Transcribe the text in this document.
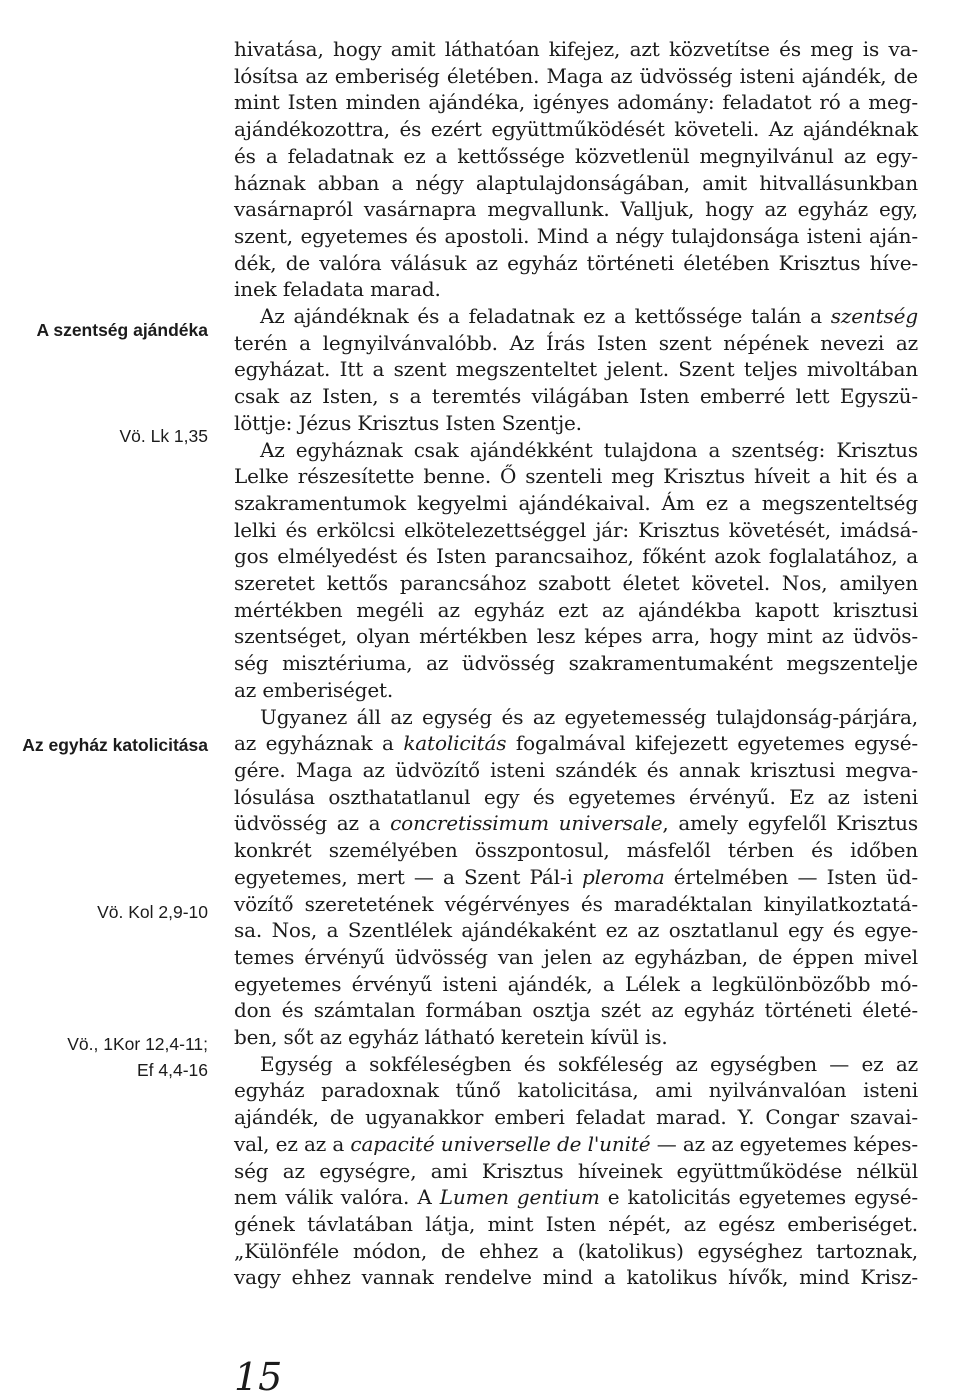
A szentség ajándéka
Vö. Lk 1,35
Az egyház katolicitása
Vö. Kol 2,9-10
Vö., 1Kor 12,4-11;
Ef 4,4-16
hivatása, hogy amit láthatóan kifejez, azt közvetítse és meg is va-
lósítsa az emberiség életében. Maga az üdvösség isteni ajándék, de
mint Isten minden ajándéka, igényes adomány: feladatot ró a meg-
ajándékozottra, és ezért együttműködését követeli. Az ajándéknak
és a feladatnak ez a kettőssége közvetlenül megnyilvánul az egy-
háznak abban a négy alaptulajdonságában, amit hitvallásunkban
vasárnapról vasárnapra megvallunk. Valljuk, hogy az egyház egy,
szent, egyetemes és apostoli. Mind a négy tulajdonsága isteni aján-
dék, de valóra válásuk az egyház történeti életében Krisztus híve-
inek feladata marad.
Az ajándéknak és a feladatnak ez a kettőssége talán a szentség
terén a legnyilvánvalóbb. Az Írás Isten szent népének nevezi az
egyházat. Itt a szent megszenteltet jelent. Szent teljes mivoltában
csak az Isten, s a teremtés világában Isten emberré lett Egyszü-
löttje: Jézus Krisztus Isten Szentje.
Az egyháznak csak ajándékként tulajdona a szentség: Krisztus
Lelke részesítette benne. Ő szenteli meg Krisztus híveit a hit és a
szakramentumok kegyelmi ajándékaival. Ám ez a megszenteltség
lelki és erkölcsi elkötelezettséggel jár: Krisztus követését, imádsá-
gos elmélyedést és Isten parancsaihoz, főként azok foglalatához, a
szeretet kettős parancsához szabott életet követel. Nos, amilyen
mértékben megéli az egyház ezt az ajándékba kapott krisztusi
szentséget, olyan mértékben lesz képes arra, hogy mint az üdvös-
ség misztériuma, az üdvösség szakramentumaként megszentelje
az emberiséget.
Ugyanez áll az egység és az egyetemesség tulajdonság-párjára,
az egyháznak a katolicitás fogalmával kifejezett egyetemes egysé-
gére. Maga az üdvözítő isteni szándék és annak krisztusi megva-
lósulása oszthatatlanul egy és egyetemes érvényű. Ez az isteni
üdvösség az a concretissimum universale, amely egyfelől Krisztus
konkrét személyében összpontosul, másfelől térben és időben
egyetemes, mert — a Szent Pál-i pleroma értelmében — Isten üd-
vözítő szeretetének végérvényes és maradéktalan kinyilatkoztatá-
sa. Nos, a Szentlélek ajándékaként ez az osztatlanul egy és egye-
temes érvényű üdvösség van jelen az egyházban, de éppen mivel
egyetemes érvényű isteni ajándék, a Lélek a legkülönbözőbb mó-
don és számtalan formában osztja szét az egyház történeti életé-
ben, sőt az egyház látható keretein kívül is.
Egység a sokféleségben és sokféleség az egységben — ez az
egyház paradoxnak tűnő katolicitása, ami nyilvánvalóan isteni
ajándék, de ugyanakkor emberi feladat marad. Y. Congar szavai-
val, ez az a capacité universelle de l'unité — az az egyetemes képes-
ség az egységre, ami Krisztus híveinek együttműködése nélkül
nem válik valóra. A Lumen gentium e katolicitás egyetemes egysé-
gének távlatában látja, mint Isten népét, az egész emberiséget.
„Különféle módon, de ehhez a (katolikus) egységhez tartoznak,
vagy ehhez vannak rendelve mind a katolikus hívők, mind Krisz-
15
